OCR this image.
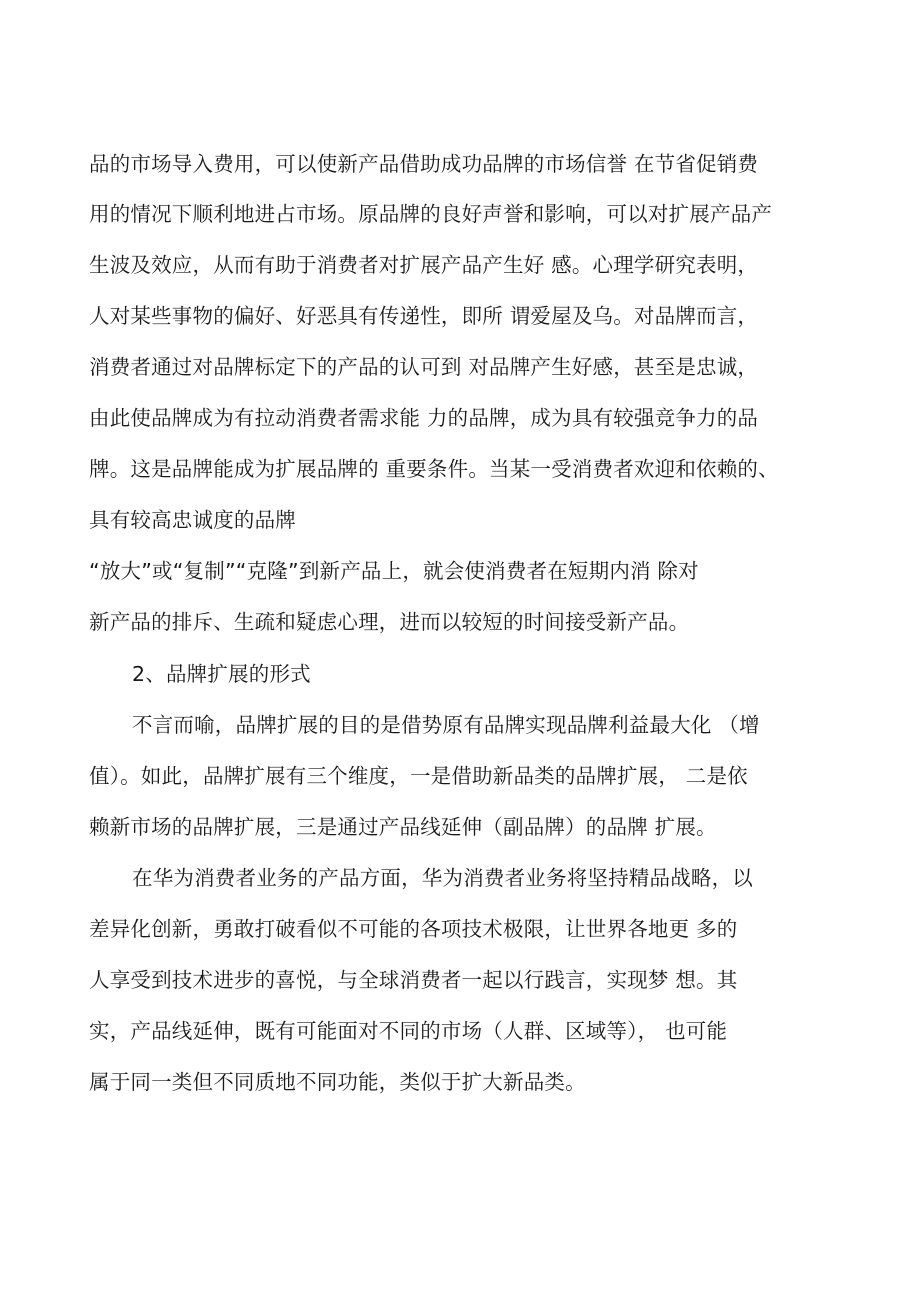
品的市场导入费用，可以使新产品借助成功品牌的市场信誉 在节省促销费

用的情况下顺利地进占市场。原品牌的良好声誉和影响，可以对扩展产品产

生波及效应，从而有助于消费者对扩展产品产生好 感。心理学研究表明，

人对某些事物的偏好、好恶具有传递性，即所 谓爱屋及乌。对品牌而言，

消费者通过对品牌标定下的产品的认可到 对品牌产生好感，甚至是忠诚，

由此使品牌成为有拉动消费者需求能 力的品牌，成为具有较强竞争力的品

牌。这是品牌能成为扩展品牌的 重要条件。当某一受消费者欢迎和依赖的、

具有较高忠诚度的品牌

“放大”或“复制”“克隆”到新产品上，就会使消费者在短期内消 除对

新产品的排斥、生疏和疑虑心理，进而以较短的时间接受新产品。

2、品牌扩展的形式

不言而喻，品牌扩展的目的是借势原有品牌实现品牌利益最大化 （增

值）。如此，品牌扩展有三个维度，一是借助新品类的品牌扩展， 二是依

赖新市场的品牌扩展，三是通过产品线延伸（副品牌）的品牌 扩展。

在华为消费者业务的产品方面，华为消费者业务将坚持精品战略，以

差异化创新，勇敢打破看似不可能的各项技术极限，让世界各地更 多的

人享受到技术进步的喜悦，与全球消费者一起以行践言，实现梦 想。其

实，产品线延伸，既有可能面对不同的市场（人群、区域等）， 也可能

属于同一类但不同质地不同功能，类似于扩大新品类。
